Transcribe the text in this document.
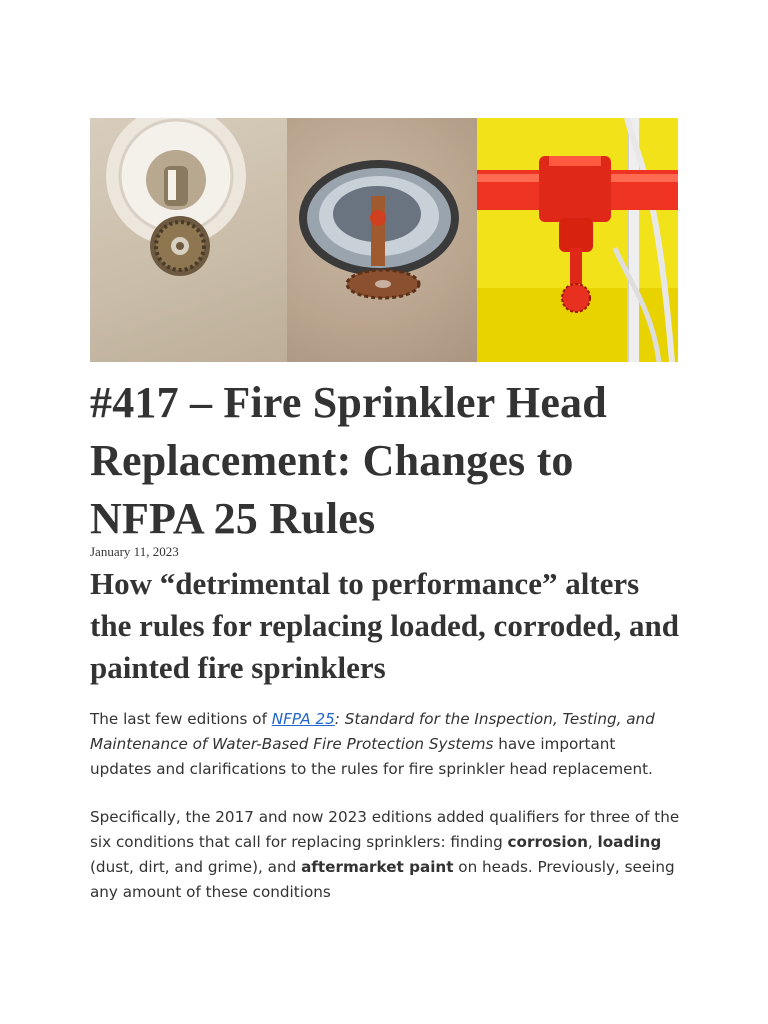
#417 – Fire Sprinkler Head Replacement: Changes to NFPA 25 Rules
January 11, 2023
How “detrimental to performance” alters the rules for replacing loaded, corroded, and painted fire sprinklers

The last few editions of NFPA 25: Standard for the Inspection, Testing, and Maintenance of Water-Based Fire Protection Systems have important updates and clarifications to the rules for fire sprinkler head replacement.

Specifically, the 2017 and now 2023 editions added qualifiers for three of the six conditions that call for replacing sprinklers: finding corrosion, loading (dust, dirt, and grime), and aftermarket paint on heads. Previously, seeing any amount of these conditions
